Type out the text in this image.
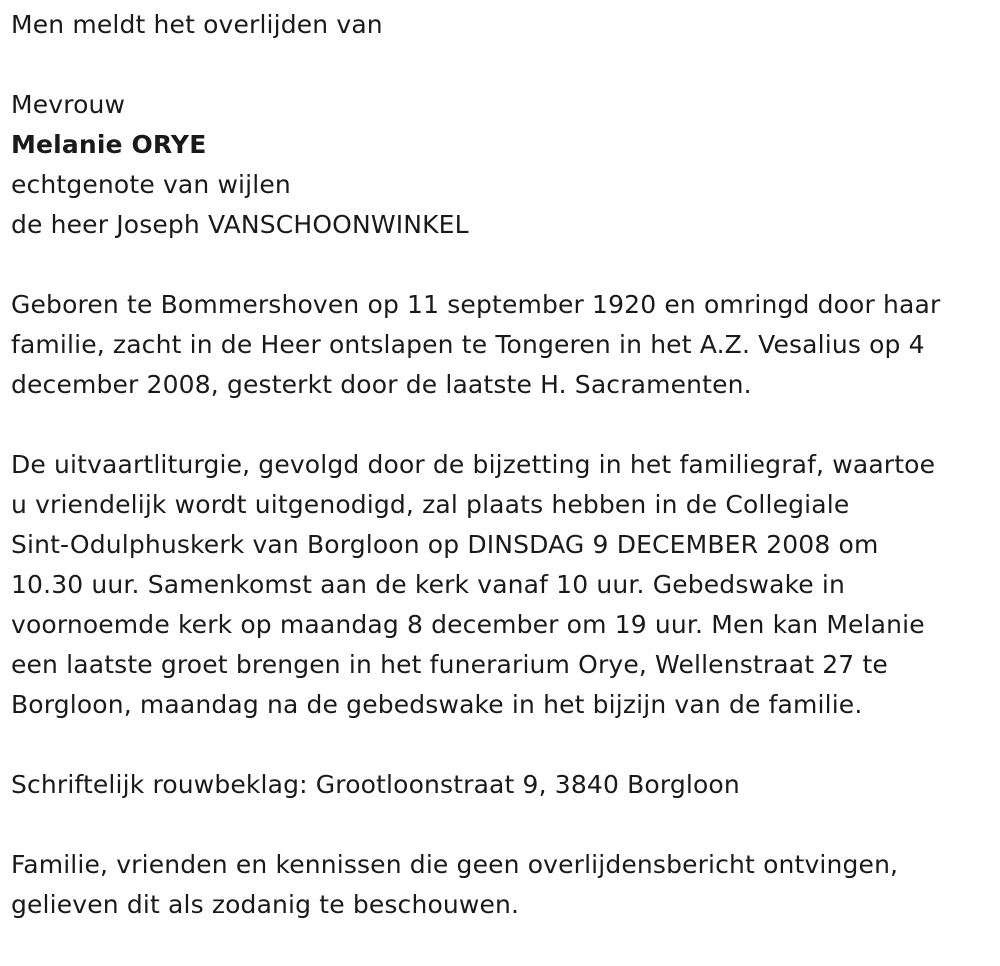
Men meldt het overlijden van
Mevrouw
Melanie ORYE
echtgenote van wijlen
de heer Joseph VANSCHOONWINKEL
Geboren te Bommershoven op 11 september 1920 en omringd door haar
familie, zacht in de Heer ontslapen te Tongeren in het A.Z. Vesalius op 4
december 2008, gesterkt door de laatste H. Sacramenten.
De uitvaartliturgie, gevolgd door de bijzetting in het familiegraf, waartoe
u vriendelijk wordt uitgenodigd, zal plaats hebben in de Collegiale
Sint-Odulphuskerk van Borgloon op DINSDAG 9 DECEMBER 2008 om
10.30 uur. Samenkomst aan de kerk vanaf 10 uur. Gebedswake in
voornoemde kerk op maandag 8 december om 19 uur. Men kan Melanie
een laatste groet brengen in het funerarium Orye, Wellenstraat 27 te
Borgloon, maandag na de gebedswake in het bijzijn van de familie.
Schriftelijk rouwbeklag: Grootloonstraat 9, 3840 Borgloon
Familie, vrienden en kennissen die geen overlijdensbericht ontvingen,
gelieven dit als zodanig te beschouwen.
